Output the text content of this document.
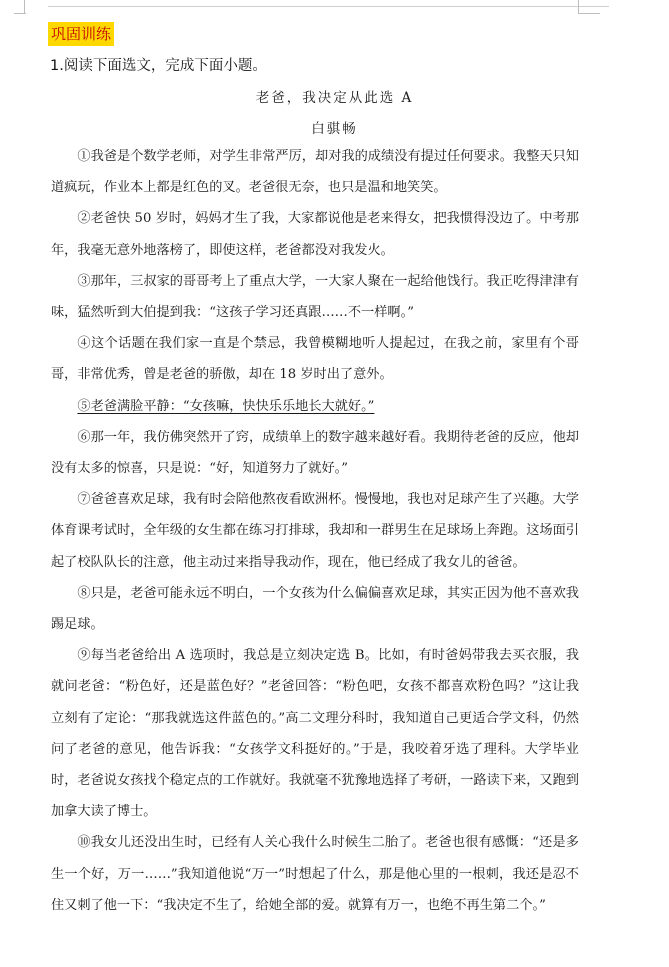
巩固训练
1.阅读下面选文，完成下面小题。
老爸，我决定从此选 A
白骐畅

①我爸是个数学老师，对学生非常严厉，却对我的成绩没有提过任何要求。我整天只知道疯玩，作业本上都是红色的叉。老爸很无奈，也只是温和地笑笑。

②老爸快 50 岁时，妈妈才生了我，大家都说他是老来得女，把我惯得没边了。中考那年，我毫无意外地落榜了，即使这样，老爸都没对我发火。

③那年，三叔家的哥哥考上了重点大学，一大家人聚在一起给他饯行。我正吃得津津有味，猛然听到大伯提到我：“这孩子学习还真跟……不一样啊。”

④这个话题在我们家一直是个禁忌，我曾模糊地听人提起过，在我之前，家里有个哥哥，非常优秀，曾是老爸的骄傲，却在 18 岁时出了意外。

⑤老爸满脸平静：“女孩嘛，快快乐乐地长大就好。”

⑥那一年，我仿佛突然开了窍，成绩单上的数字越来越好看。我期待老爸的反应，他却没有太多的惊喜，只是说：“好，知道努力了就好。”

⑦爸爸喜欢足球，我有时会陪他熬夜看欧洲杯。慢慢地，我也对足球产生了兴趣。大学体育课考试时，全年级的女生都在练习打排球，我却和一群男生在足球场上奔跑。这场面引起了校队队长的注意，他主动过来指导我动作，现在，他已经成了我女儿的爸爸。

⑧只是，老爸可能永远不明白，一个女孩为什么偏偏喜欢足球，其实正因为他不喜欢我踢足球。

⑨每当老爸给出 A 选项时，我总是立刻决定选 B。比如，有时爸妈带我去买衣服，我就问老爸：“粉色好，还是蓝色好？”老爸回答：“粉色吧，女孩不都喜欢粉色吗？”这让我立刻有了定论：“那我就选这件蓝色的。”高二文理分科时，我知道自己更适合学文科，仍然问了老爸的意见，他告诉我：“女孩学文科挺好的。”于是，我咬着牙选了理科。大学毕业时，老爸说女孩找个稳定点的工作就好。我就毫不犹豫地选择了考研，一路读下来，又跑到加拿大读了博士。

⑩我女儿还没出生时，已经有人关心我什么时候生二胎了。老爸也很有感慨：“还是多生一个好，万一……”我知道他说“万一”时想起了什么，那是他心里的一根刺，我还是忍不住又刺了他一下：“我决定不生了，给她全部的爱。就算有万一，也绝不再生第二个。”
